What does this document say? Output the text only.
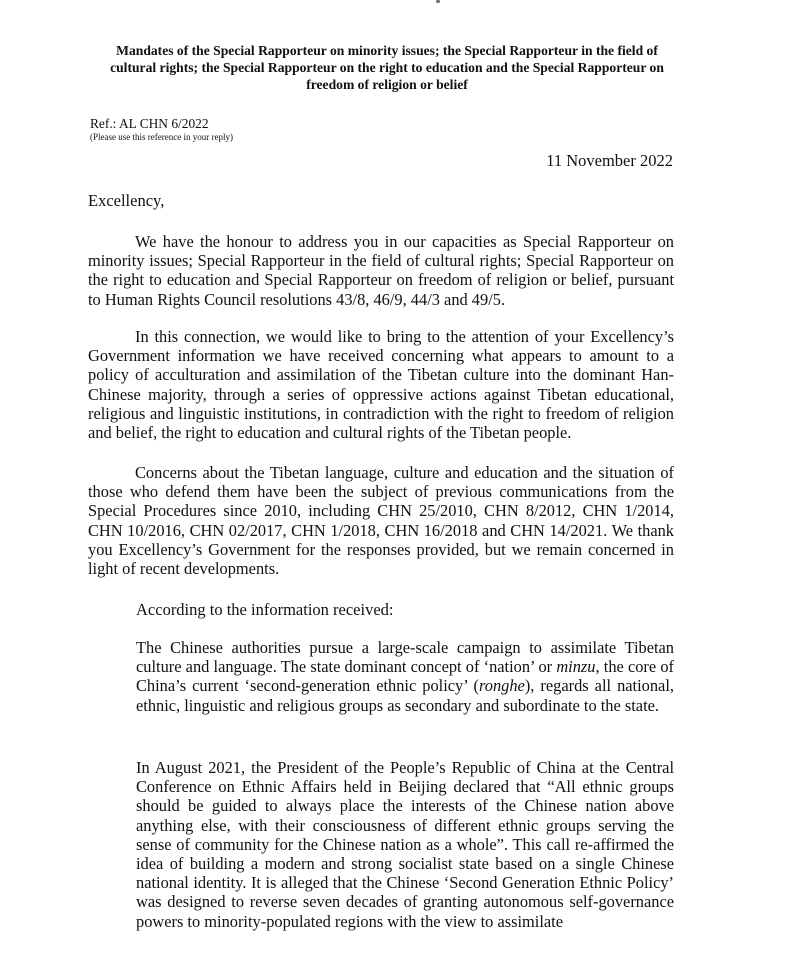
Mandates of the Special Rapporteur on minority issues; the Special Rapporteur in the field of cultural rights; the Special Rapporteur on the right to education and the Special Rapporteur on freedom of religion or belief
Ref.: AL CHN 6/2022
(Please use this reference in your reply)
11 November 2022
Excellency,

We have the honour to address you in our capacities as Special Rapporteur on minority issues; Special Rapporteur in the field of cultural rights; Special Rapporteur on the right to education and Special Rapporteur on freedom of religion or belief, pursuant to Human Rights Council resolutions 43/8, 46/9, 44/3 and 49/5.

In this connection, we would like to bring to the attention of your Excellency’s Government information we have received concerning what appears to amount to a policy of acculturation and assimilation of the Tibetan culture into the dominant Han-Chinese majority, through a series of oppressive actions against Tibetan educational, religious and linguistic institutions, in contradiction with the right to freedom of religion and belief, the right to education and cultural rights of the Tibetan people.

Concerns about the Tibetan language, culture and education and the situation of those who defend them have been the subject of previous communications from the Special Procedures since 2010, including CHN 25/2010, CHN 8/2012, CHN 1/2014, CHN 10/2016, CHN 02/2017, CHN 1/2018, CHN 16/2018 and CHN 14/2021. We thank you Excellency’s Government for the responses provided, but we remain concerned in light of recent developments.

According to the information received:

The Chinese authorities pursue a large-scale campaign to assimilate Tibetan culture and language. The state dominant concept of ‘nation’ or minzu, the core of China’s current ‘second-generation ethnic policy’ (ronghe), regards all national, ethnic, linguistic and religious groups as secondary and subordinate to the state.

In August 2021, the President of the People’s Republic of China at the Central Conference on Ethnic Affairs held in Beijing declared that “All ethnic groups should be guided to always place the interests of the Chinese nation above anything else, with their consciousness of different ethnic groups serving the sense of community for the Chinese nation as a whole”. This call re-affirmed the idea of building a modern and strong socialist state based on a single Chinese national identity. It is alleged that the Chinese ‘Second Generation Ethnic Policy’ was designed to reverse seven decades of granting autonomous self-governance powers to minority-populated regions with the view to assimilate
